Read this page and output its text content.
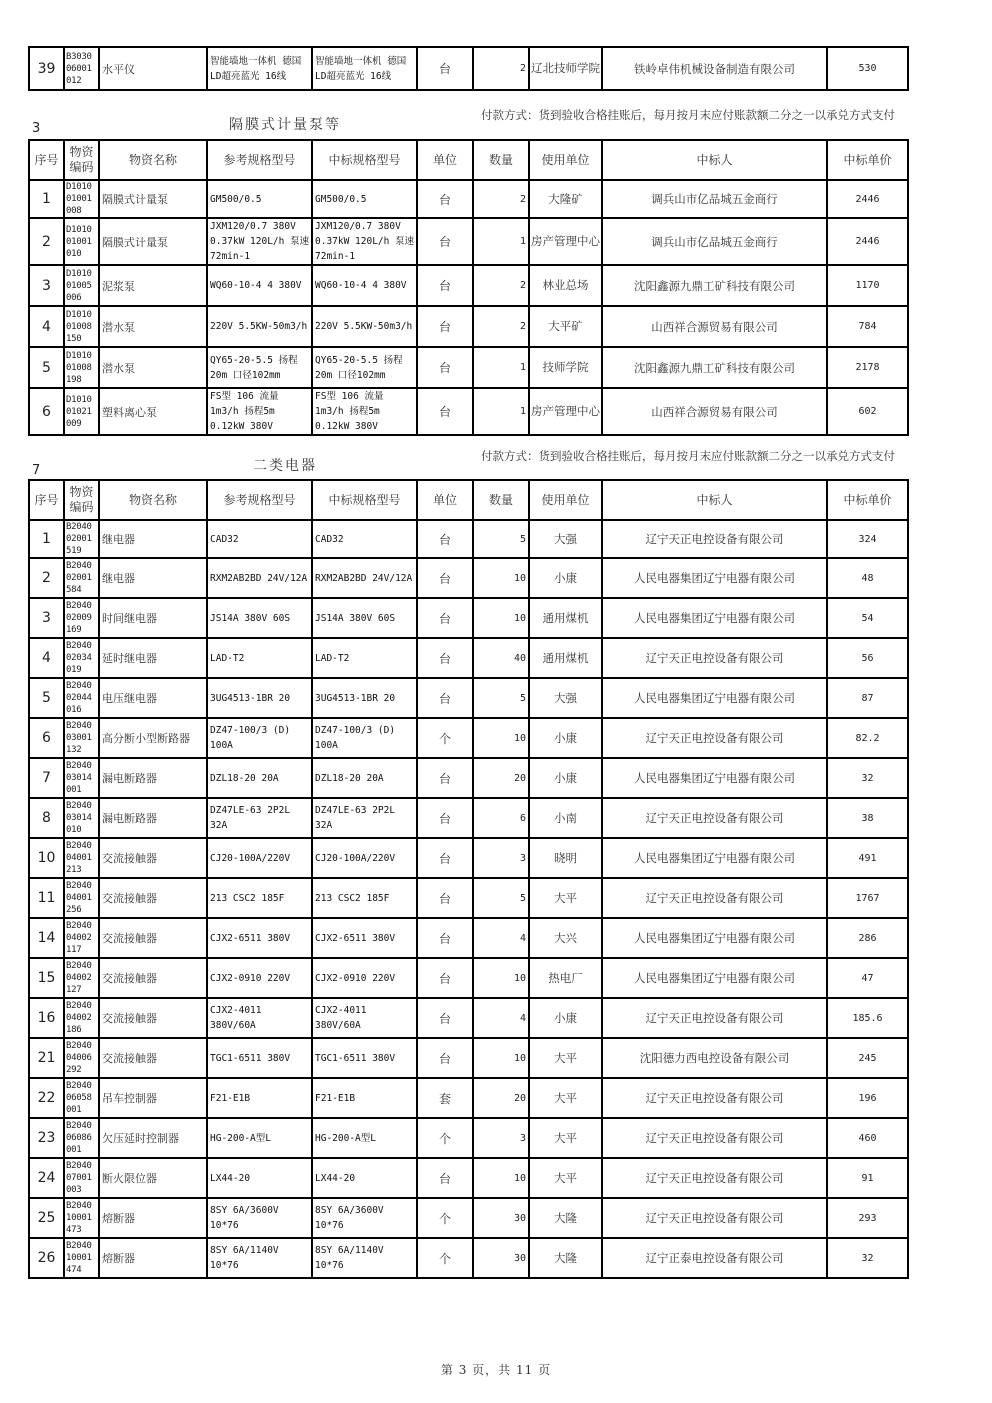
39	B3030
06001
012	水平仪	智能墙地一体机 德国LD超亮蓝光 16线	智能墙地一体机 德国LD超亮蓝光 16线	台	2	辽北技师学院	铁岭卓伟机械设备制造有限公司	530
3	隔膜式计量泵等
付款方式：货到验收合格挂账后，每月按月末应付账款额二分之一以承兑方式支付
序号	物资编码	物资名称	参考规格型号	中标规格型号	单位	数量	使用单位	中标人	中标单价
1	D1010
01001
008	隔膜式计量泵	GM500/0.5	GM500/0.5	台	2	大隆矿	调兵山市亿品城五金商行	2446
2	D1010
01001
010	隔膜式计量泵	JXM120/0.7 380V 0.37kW 120L/h 泵速72min-1	JXM120/0.7 380V 0.37kW 120L/h 泵速72min-1	台	1	房产管理中心	调兵山市亿品城五金商行	2446
3	D1010
01005
006	泥浆泵	WQ60-10-4 4 380V	WQ60-10-4 4 380V	台	2	林业总场	沈阳鑫源九鼎工矿科技有限公司	1170
4	D1010
01008
150	潜水泵	220V 5.5KW-50m3/h	220V 5.5KW-50m3/h	台	2	大平矿	山西祥合源贸易有限公司	784
5	D1010
01008
198	潜水泵	QY65-20-5.5 扬程20m 口径102mm	QY65-20-5.5 扬程20m 口径102mm	台	1	技师学院	沈阳鑫源九鼎工矿科技有限公司	2178
6	D1010
01021
009	塑料离心泵	FS型 106 流量 1m3/h 扬程5m 0.12kW 380V	FS型 106 流量 1m3/h 扬程5m 0.12kW 380V	台	1	房产管理中心	山西祥合源贸易有限公司	602
7	二类电器
付款方式：货到验收合格挂账后，每月按月末应付账款额二分之一以承兑方式支付
序号	物资编码	物资名称	参考规格型号	中标规格型号	单位	数量	使用单位	中标人	中标单价
1	B2040
02001
519	继电器	CAD32	CAD32	台	5	大强	辽宁天正电控设备有限公司	324
2	B2040
02001
584	继电器	RXM2AB2BD 24V/12A	RXM2AB2BD 24V/12A	台	10	小康	人民电器集团辽宁电器有限公司	48
3	B2040
02009
169	时间继电器	JS14A 380V 60S	JS14A 380V 60S	台	10	通用煤机	人民电器集团辽宁电器有限公司	54
4	B2040
02034
019	延时继电器	LAD-T2	LAD-T2	台	40	通用煤机	辽宁天正电控设备有限公司	56
5	B2040
02044
016	电压继电器	3UG4513-1BR 20	3UG4513-1BR 20	台	5	大强	人民电器集团辽宁电器有限公司	87
6	B2040
03001
132	高分断小型断路器	DZ47-100/3 (D) 100A	DZ47-100/3 (D) 100A	个	10	小康	辽宁天正电控设备有限公司	82.2
7	B2040
03014
001	漏电断路器	DZL18-20 20A	DZL18-20 20A	台	20	小康	人民电器集团辽宁电器有限公司	32
8	B2040
03014
010	漏电断路器	DZ47LE-63 2P2L 32A	DZ47LE-63 2P2L 32A	台	6	小南	辽宁天正电控设备有限公司	38
10	B2040
04001
213	交流接触器	CJ20-100A/220V	CJ20-100A/220V	台	3	晓明	人民电器集团辽宁电器有限公司	491
11	B2040
04001
256	交流接触器	213 CSC2 185F	213 CSC2 185F	台	5	大平	辽宁天正电控设备有限公司	1767
14	B2040
04002
117	交流接触器	CJX2-6511 380V	CJX2-6511 380V	台	4	大兴	人民电器集团辽宁电器有限公司	286
15	B2040
04002
127	交流接触器	CJX2-0910 220V	CJX2-0910 220V	台	10	热电厂	人民电器集团辽宁电器有限公司	47
16	B2040
04002
186	交流接触器	CJX2-4011 380V/60A	CJX2-4011 380V/60A	台	4	小康	辽宁天正电控设备有限公司	185.6
21	B2040
04006
292	交流接触器	TGC1-6511 380V	TGC1-6511 380V	台	10	大平	沈阳德力西电控设备有限公司	245
22	B2040
06058
001	吊车控制器	F21-E1B	F21-E1B	套	20	大平	辽宁天正电控设备有限公司	196
23	B2040
06086
001	欠压延时控制器	HG-200-A型L	HG-200-A型L	个	3	大平	辽宁天正电控设备有限公司	460
24	B2040
07001
003	断火限位器	LX44-20	LX44-20	台	10	大平	辽宁天正电控设备有限公司	91
25	B2040
10001
473	熔断器	8SY 6A/3600V 10*76	8SY 6A/3600V 10*76	个	30	大隆	辽宁天正电控设备有限公司	293
26	B2040
10001
474	熔断器	8SY 6A/1140V 10*76	8SY 6A/1140V 10*76	个	30	大隆	辽宁正泰电控设备有限公司	32
第 3 页，共 11 页
